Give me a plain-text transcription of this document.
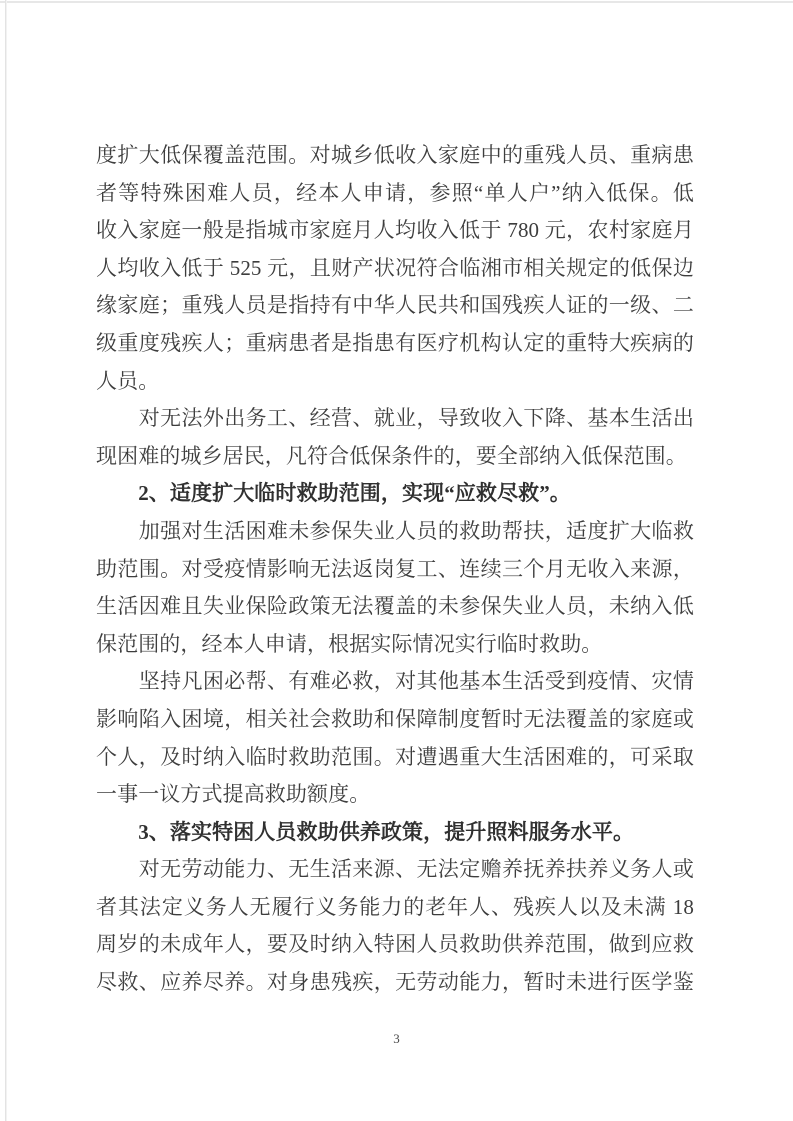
度扩大低保覆盖范围。对城乡低收入家庭中的重残人员、重病患
者等特殊困难人员，经本人申请，参照“单人户”纳入低保。低
收入家庭一般是指城市家庭月人均收入低于 780 元，农村家庭月
人均收入低于 525 元，且财产状况符合临湘市相关规定的低保边
缘家庭；重残人员是指持有中华人民共和国残疾人证的一级、二
级重度残疾人；重病患者是指患有医疗机构认定的重特大疾病的
人员。
　　对无法外出务工、经营、就业，导致收入下降、基本生活出
现困难的城乡居民，凡符合低保条件的，要全部纳入低保范围。
　　2、适度扩大临时救助范围，实现“应救尽救”。
　　加强对生活困难未参保失业人员的救助帮扶，适度扩大临救
助范围。对受疫情影响无法返岗复工、连续三个月无收入来源，
生活因难且失业保险政策无法覆盖的未参保失业人员，未纳入低
保范围的，经本人申请，根据实际情况实行临时救助。
　　坚持凡困必帮、有难必救，对其他基本生活受到疫情、灾情
影响陷入困境，相关社会救助和保障制度暂时无法覆盖的家庭或
个人，及时纳入临时救助范围。对遭遇重大生活困难的，可采取
一事一议方式提高救助额度。
　　3、落实特困人员救助供养政策，提升照料服务水平。
　　对无劳动能力、无生活来源、无法定赡养抚养扶养义务人或
者其法定义务人无履行义务能力的老年人、残疾人以及未满 18
周岁的未成年人，要及时纳入特困人员救助供养范围，做到应救
尽救、应养尽养。对身患残疾，无劳动能力，暂时未进行医学鉴
3
